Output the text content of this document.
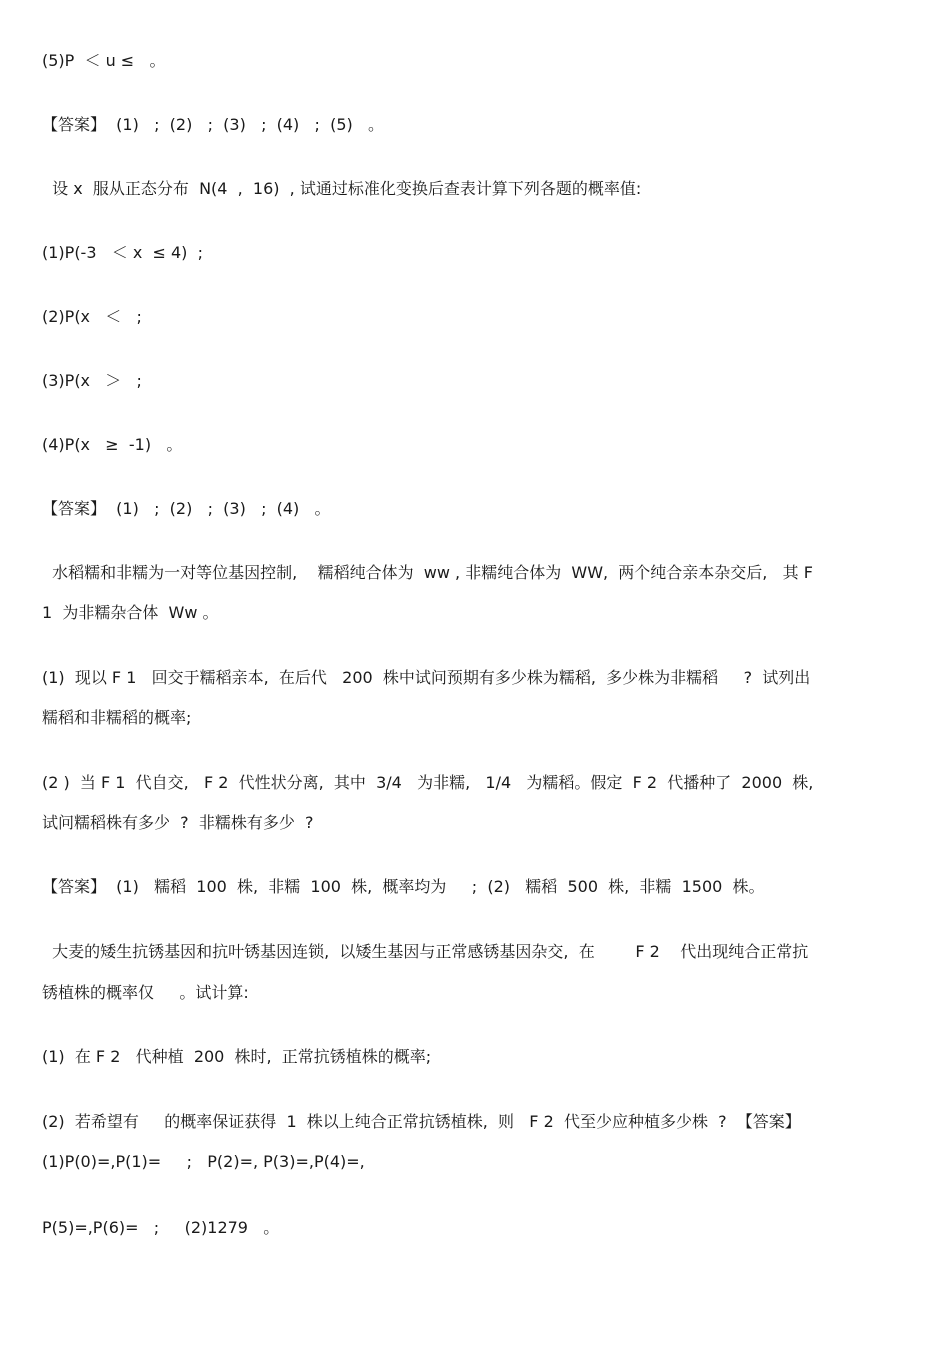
(5)P  ＜ u ≤   。
【答案】  (1)   ;  (2)   ;  (3)   ;  (4)   ;  (5)   。
设 x  服从正态分布  N(4  ,  16)  , 试通过标准化变换后查表计算下列各题的概率值:
(1)P(-3   ＜ x  ≤ 4)  ;
(2)P(x   ＜   ;
(3)P(x   ＞   ;
(4)P(x   ≥  -1)   。
【答案】  (1)   ;  (2)   ;  (3)   ;  (4)   。
水稻糯和非糯为一对等位基因控制,    糯稻纯合体为  ww , 非糯纯合体为  WW,  两个纯合亲本杂交后,   其 F
1  为非糯杂合体  Ww 。
(1)  现以 F 1   回交于糯稻亲本,  在后代   200  株中试问预期有多少株为糯稻,  多少株为非糯稻     ?  试列出
糯稻和非糯稻的概率;
(2 )  当 F 1  代自交,   F 2  代性状分离,  其中  3/4   为非糯,   1/4   为糯稻。假定  F 2  代播种了  2000  株,
试问糯稻株有多少  ?  非糯株有多少  ?
【答案】  (1)   糯稻  100  株,  非糯  100  株,  概率均为     ;  (2)   糯稻  500  株,  非糯  1500  株。
大麦的矮生抗锈基因和抗叶锈基因连锁,  以矮生基因与正常感锈基因杂交,  在        F 2    代出现纯合正常抗
锈植株的概率仅     。试计算:
(1)  在 F 2   代种植  200  株时,  正常抗锈植株的概率;
(2)  若希望有     的概率保证获得  1  株以上纯合正常抗锈植株,  则   F 2  代至少应种植多少株  ?  【答案】
(1)P(0)=,P(1)=     ;   P(2)=, P(3)=,P(4)=,
P(5)=,P(6)=   ;     (2)1279   。
